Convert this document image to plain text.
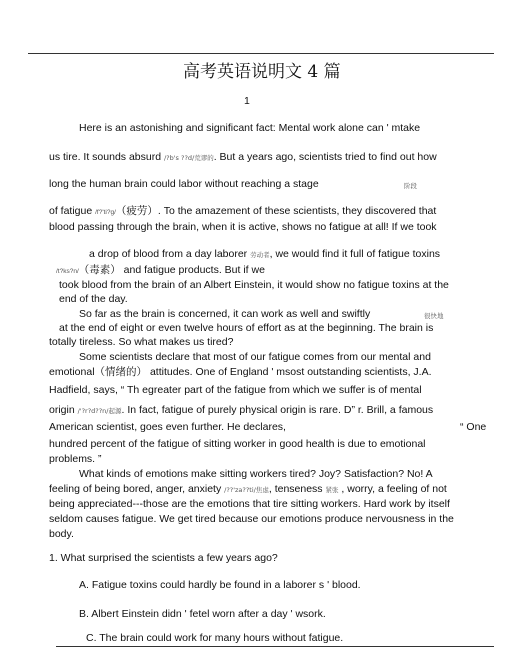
高考英语说明文 4 篇
1
Here is an astonishing and significant fact: Mental work alone can ' mtake
us tire. It sounds absurd /?b's ??d/荒谬的. But a years ago, scientists tried to find out how
long the human brain could labor without reaching a stage	阶段
of fatigue /f?'ti?g/（疲劳）. To the amazement of these scientists, they discovered that
blood passing through the brain, when it is active, shows no fatigue at all! If we took
a drop of blood from a day laborer 劳动者, we would find it full of fatigue toxins
/t?ks?n/（毒素） and fatigue products. But if we
took blood from the brain of an Albert Einstein, it would show no fatigue toxins at the
end of the day.
So far as the brain is concerned, it can work as well and swiftly	很快地
at the end of eight or even twelve hours of effort as at the beginning. The brain is
totally tireless. So what makes us tired?
Some scientists declare that most of our fatigue comes from our mental and
emotional（情绪的） attitudes. One of England ' msost outstanding scientists, J.A.
Hadfield, says, “ Th egreater part of the fatigue from which we suffer is of mental
origin /'?r?d??n/起源. In fact, fatigue of purely physical origin is rare. D” r. Brill, a famous
American scientist, goes even further. He declares,	“ One
hundred percent of the fatigue of sitting worker in good health is due to emotional
problems. ”
What kinds of emotions make sitting workers tired? Joy? Satisfaction? No! A
feeling of being bored, anger, anxiety /??'za??ti/焦虑, tenseness 紧张 , worry, a feeling of not
being appreciated---those are the emotions that tire sitting workers. Hard work by itself
seldom causes fatigue. We get tired because our emotions produce nervousness in the
body.
1. What surprised the scientists a few years ago?
A. Fatigue toxins could hardly be found in a laborer s ' blood.
B. Albert Einstein didn ' fetel worn after a day ' wsork.
C. The brain could work for many hours without fatigue.
